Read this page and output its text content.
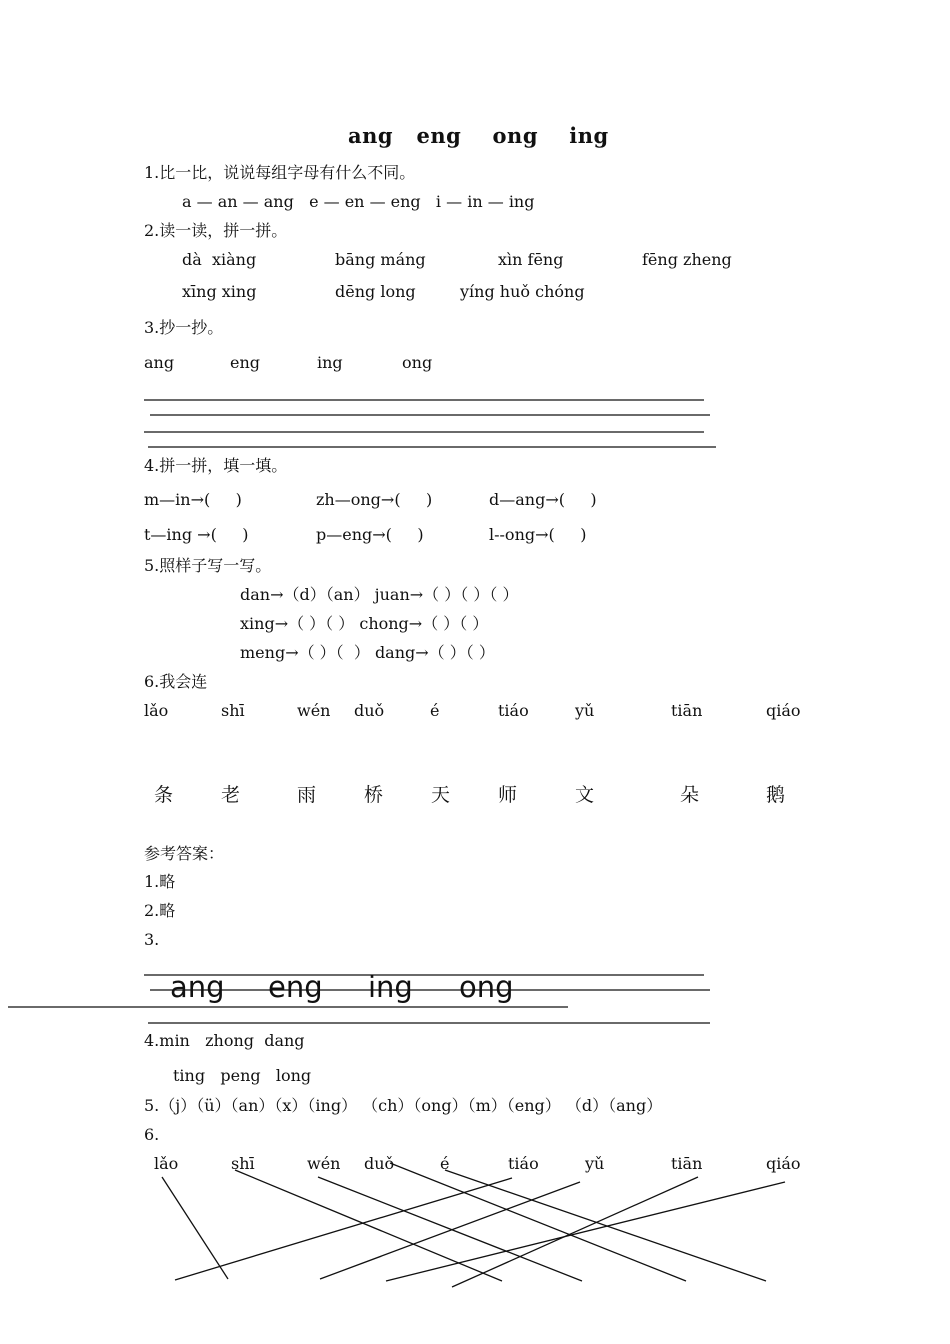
ang   eng    ong    ing
1.比一比，说说每组字母有什么不同。
a — an — ang   e — en — eng   i — in — ing
2.读一读，拼一拼。
dà  xiàng	bāng máng	xìn fēng	fēng zheng
xīng xing	dēng long	yíng huǒ chóng
3.抄一抄。
ang	eng	ing	ong
4.拼一拼，填一填。
m—in→(     )	zh—ong→(     )	d—ang→(     )
t—ing →(     )	p—eng→(     )	l--ong→(     )
5.照样子写一写。
dan→（d）（an） juan→（ ）（ ）（ ）
xing→（ ）（ ） chong→（ ）（ ）
meng→（ ）（  ） dang→（ ）（ ）
6.我会连
lǎo	shī	wén duǒ	é	tiáo	yǔ	tiān	qiáo
条	老	雨	桥	天	师	文	朵	鹅
参考答案：
1.略
2.略
3.
ang eng ing ong
4.min   zhong  dang
ting   peng   long
5.（j）（ü）（an）（x）（ing） （ch）（ong）（m）（eng） （d）（ang）
6.
lǎo	shī	wén duǒ	é	tiáo	yǔ	tiān	qiáo
